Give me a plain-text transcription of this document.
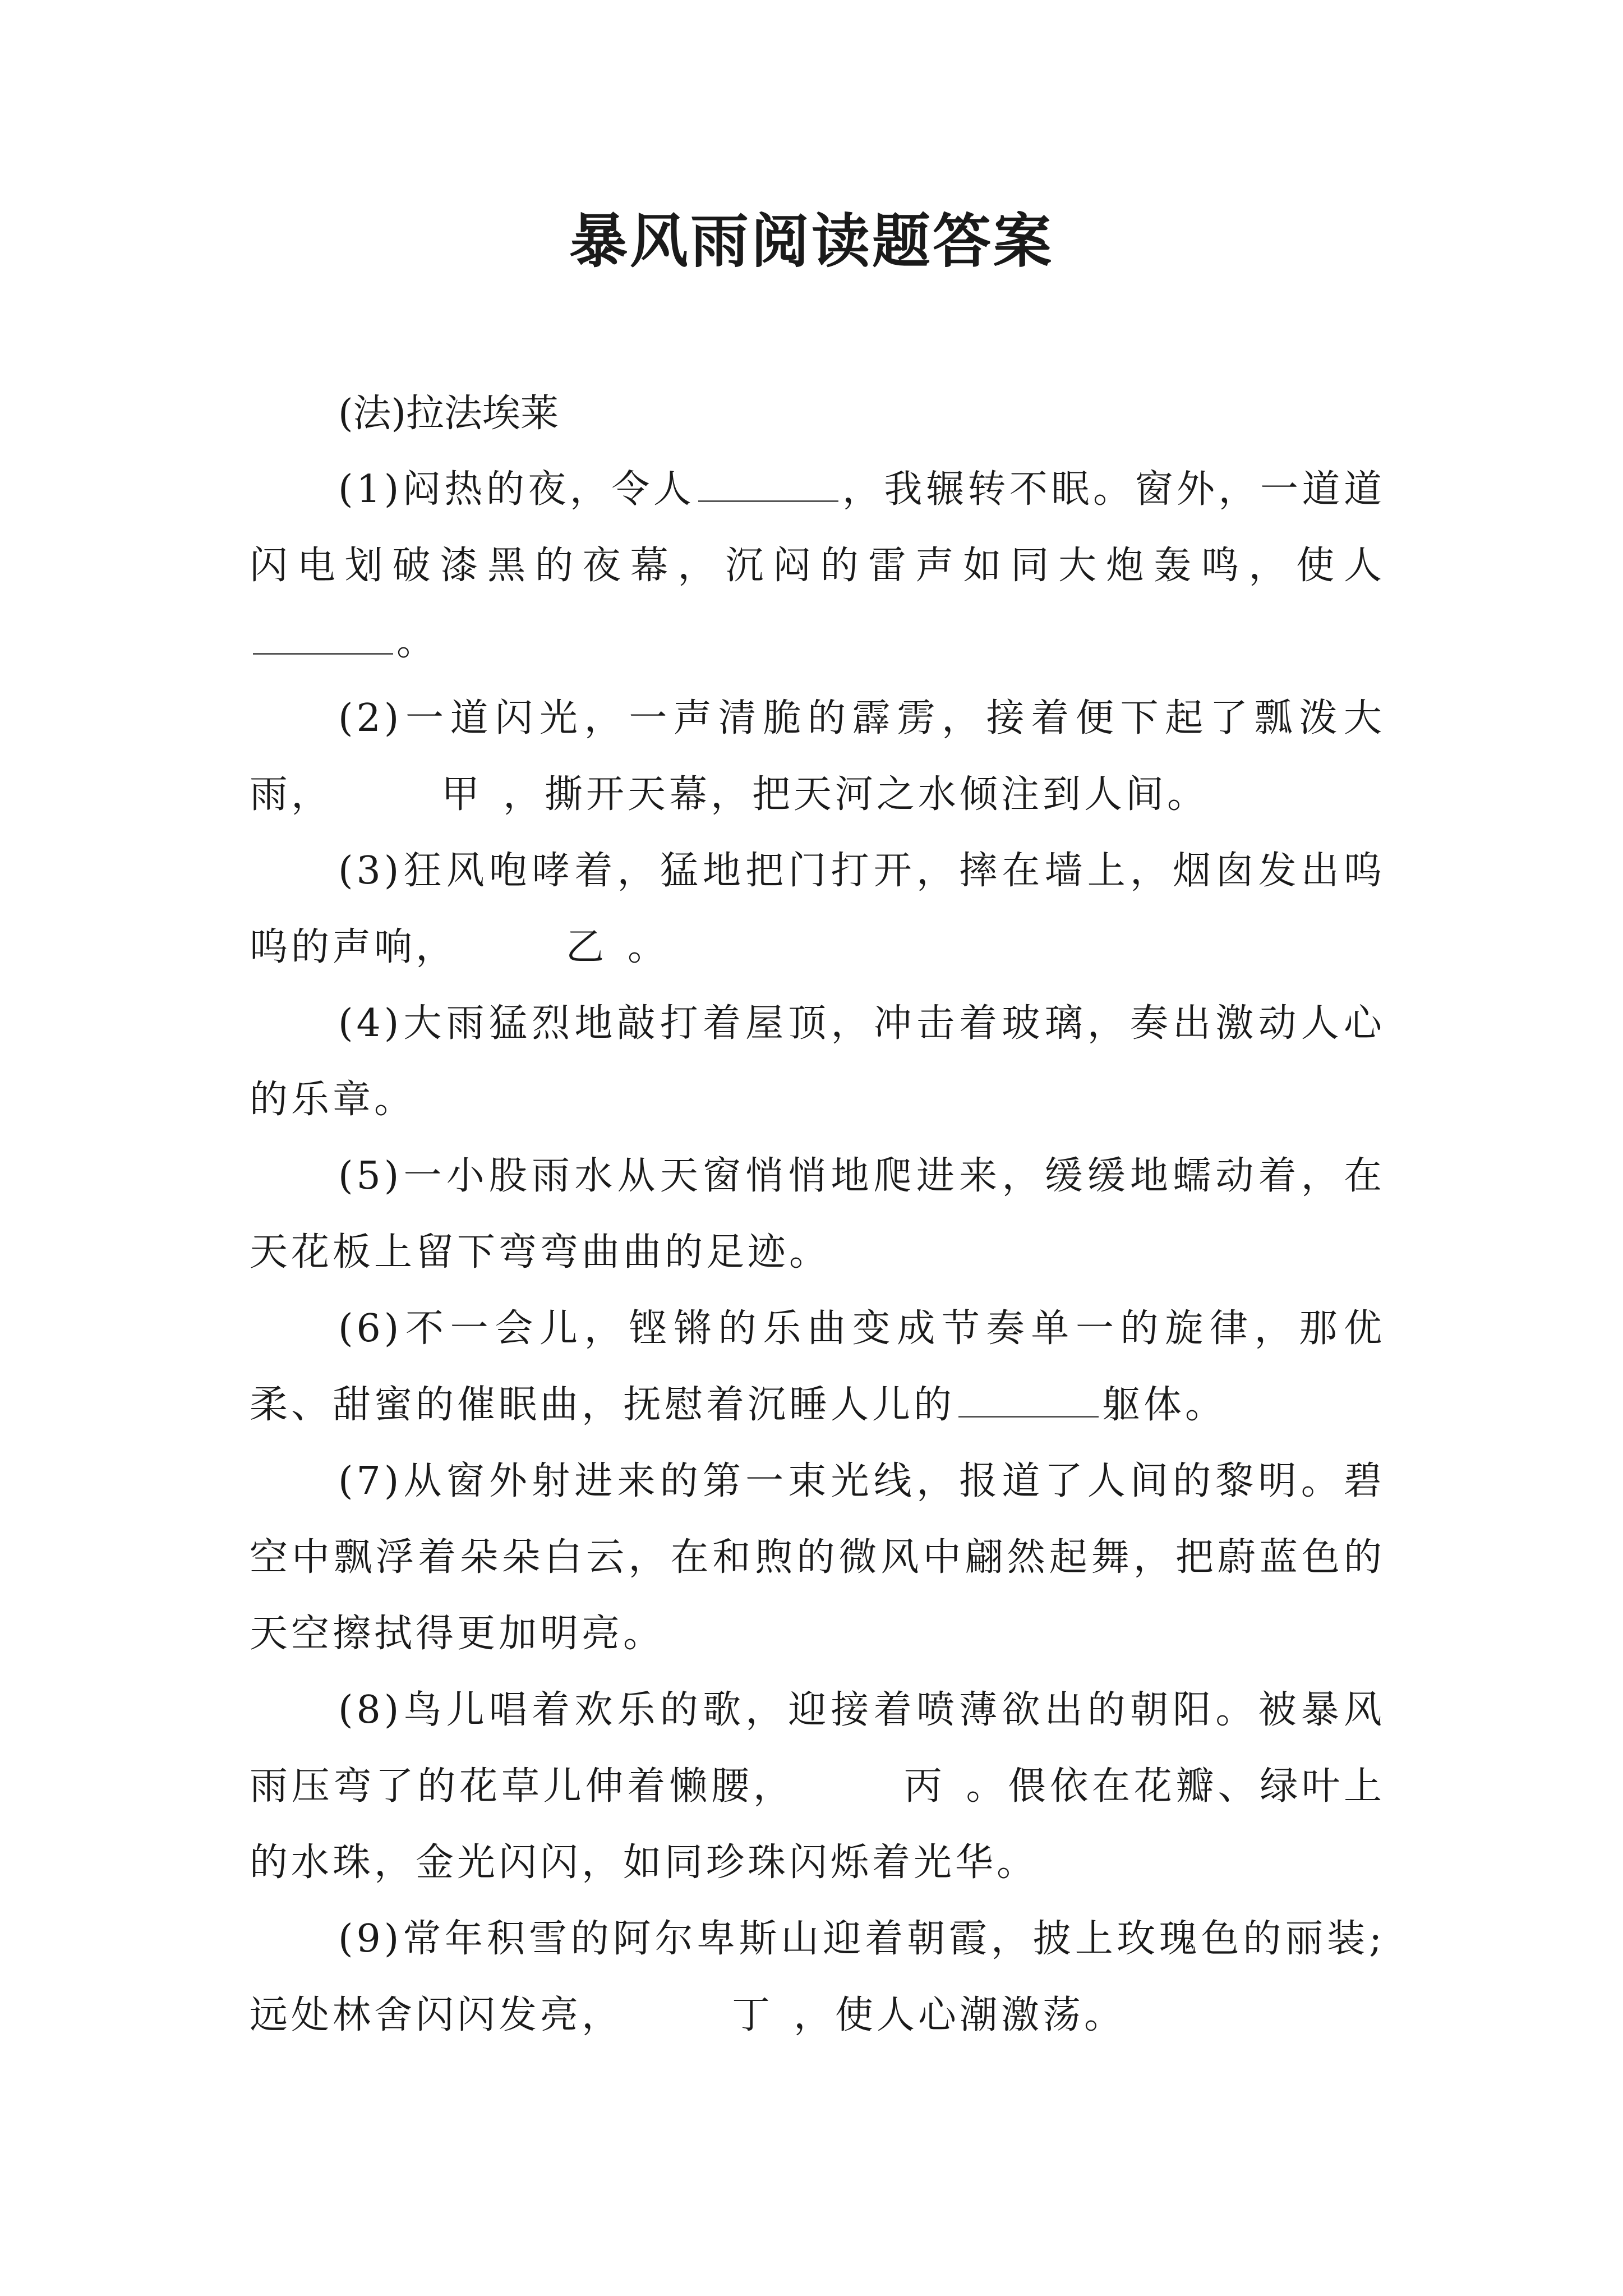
暴风雨阅读题答案

(法)拉法埃莱

(1)闷热的夜，令人	，我辗转不眠。窗外，一道道闪电划破漆黑的夜幕，沉闷的雷声如同大炮轰鸣，使人。

(2)一道闪光，一声清脆的霹雳，接着便下起了瓢泼大雨，	甲 ，撕开天幕，把天河之水倾注到人间。

(3)狂风咆哮着，猛地把门打开，摔在墙上，烟囱发出呜呜的声响，	乙 。

(4)大雨猛烈地敲打着屋顶，冲击着玻璃，奏出激动人心的乐章。

(5)一小股雨水从天窗悄悄地爬进来，缓缓地蠕动着，在天花板上留下弯弯曲曲的足迹。

(6)不一会儿，铿锵的乐曲变成节奏单一的旋律，那优柔、甜蜜的催眠曲，抚慰着沉睡人儿的	躯体。

(7)从窗外射进来的第一束光线，报道了人间的黎明。碧空中飘浮着朵朵白云，在和煦的微风中翩然起舞，把蔚蓝色的天空擦拭得更加明亮。

(8)鸟儿唱着欢乐的歌，迎接着喷薄欲出的朝阳。被暴风雨压弯了的花草儿伸着懒腰，	丙 。偎依在花瓣、绿叶上的水珠，金光闪闪，如同珍珠闪烁着光华。

(9)常年积雪的阿尔卑斯山迎着朝霞，披上玫瑰色的丽装;远处林舍闪闪发亮，	丁 ，使人心潮激荡。
